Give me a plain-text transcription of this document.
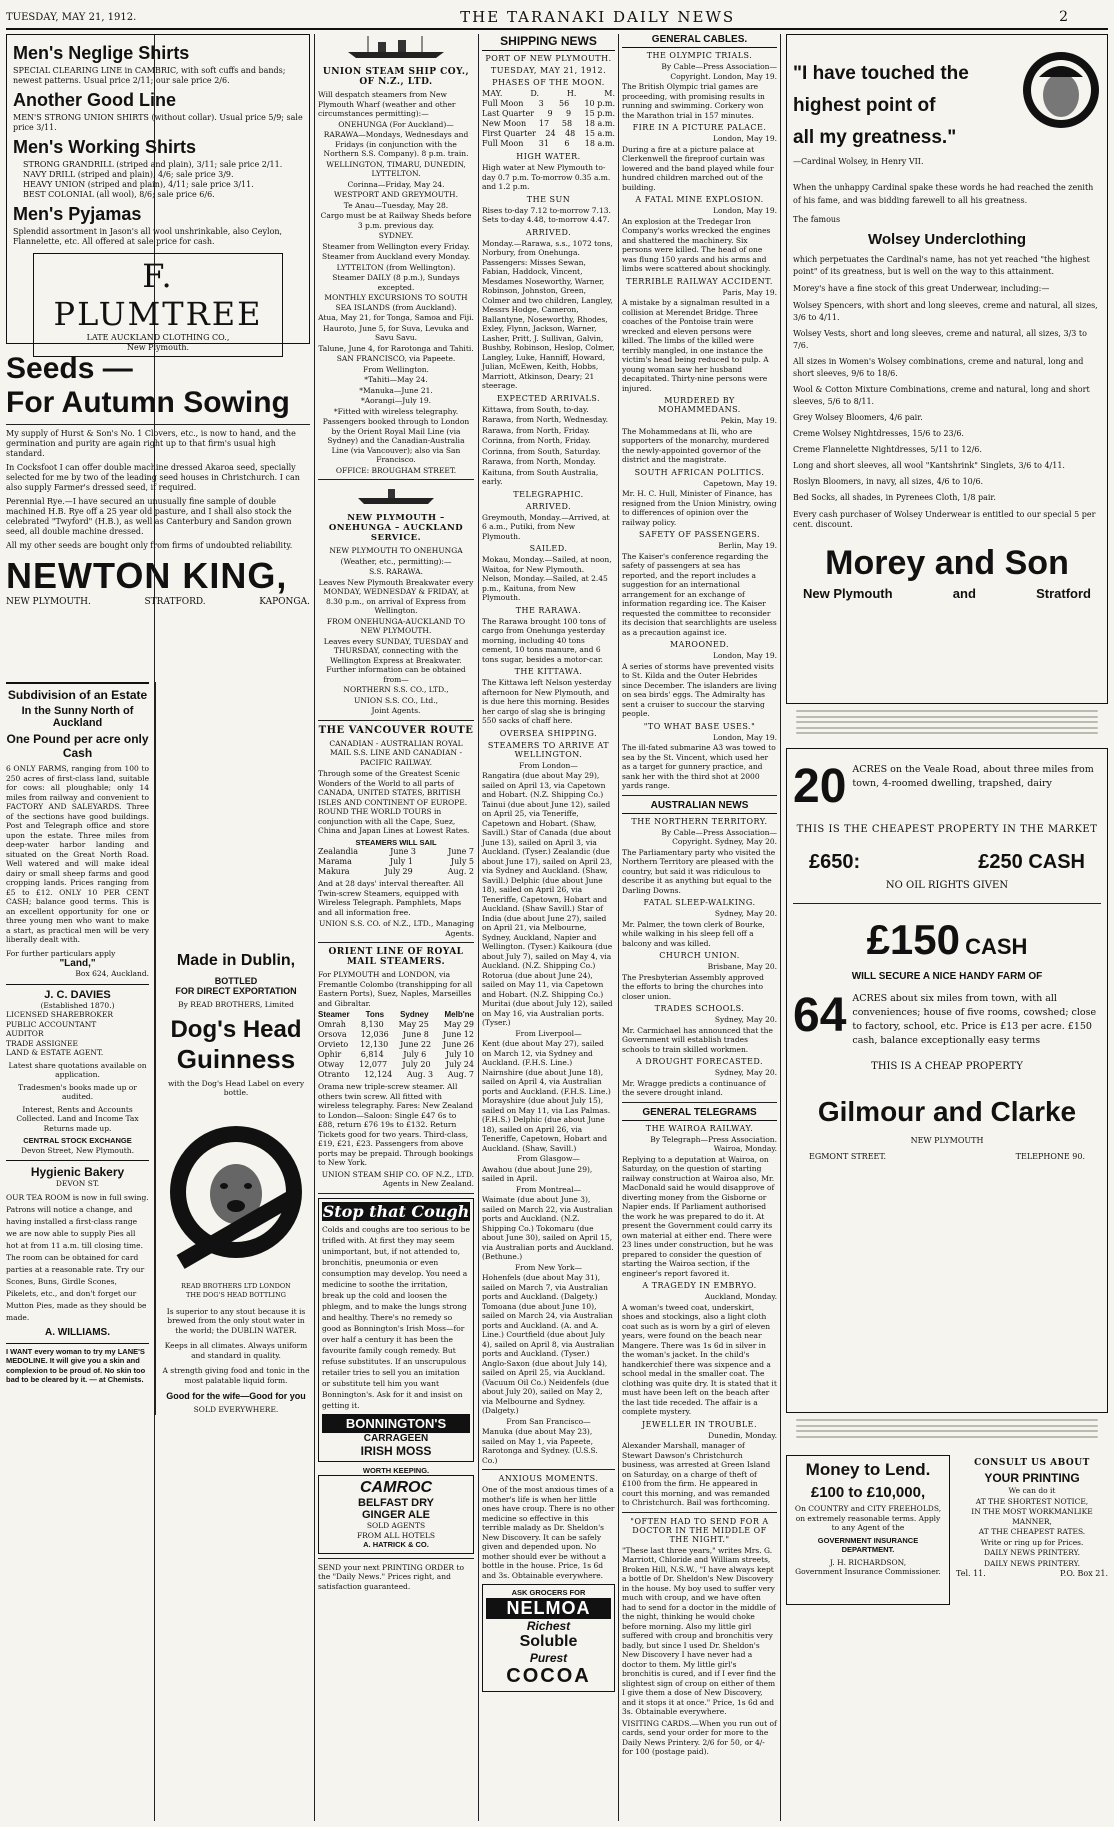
TUESDAY, MAY 21, 1912.	THE TARANAKI DAILY NEWS	2
Men's Neglige Shirts
SPECIAL CLEARING LINE in CAMBRIC, with soft cuffs and bands; newest patterns. Usual price 2/11; our sale price 2/6.
Another Good Line
MEN'S STRONG UNION SHIRTS (without collar). Usual price 5/9; sale price 3/11.
Men's Working Shirts
STRONG GRANDRILL (striped and plain), 3/11; sale price 2/11.
NAVY DRILL (striped and plain), 4/6; sale price 3/9.
HEAVY UNION (striped and plain), 4/11; sale price 3/11.
BEST COLONIAL (all wool), 8/6; sale price 6/6.
Men's Pyjamas
Splendid assortment in Jason's all wool unshrinkable, also Ceylon, Flannelette, etc. All offered at sale price for cash.
F. PLUMTREE
LATE AUCKLAND CLOTHING CO.,
New Plymouth.
Seeds —
For Autumn Sowing

My supply of Hurst & Son's No. 1 Clovers, etc., is now to hand, and the germination and purity are again right up to that firm's usual high standard.

In Cocksfoot I can offer double machine dressed Akaroa seed, specially selected for me by two of the leading seed houses in Christchurch. I can also supply Farmer's dressed seed, if required.

Perennial Rye.—I have secured an unusually fine sample of double machined H.B. Rye off a 25 year old pasture, and I shall also stock the celebrated "Twyford" (H.B.), as well as Canterbury and Sandon grown seed, all double machine dressed.

All my other seeds are bought only from firms of undoubted reliability.

NEWTON KING,
NEW PLYMOUTH.	STRATFORD.	KAPONGA.
Subdivision of an Estate
In the Sunny North of Auckland
One Pound per acre only Cash

6 ONLY FARMS, ranging from 100 to 250 acres of first-class land, suitable for cows: all ploughable; only 14 miles from railway and convenient to FACTORY AND SALEYARDS. Three of the sections have good buildings. Post and Telegraph office and store upon the estate. Three miles from deep-water harbor landing and situated on the Great North Road. Well watered and will make ideal dairy or small sheep farms and good cropping lands. Prices ranging from £5 to £12. ONLY 10 PER CENT CASH; balance good terms. This is an excellent opportunity for one or three young men who want to make a start, as practical men will be very liberally dealt with.

For further particulars apply
"Land,"
Box 624, Auckland.
J. C. DAVIES
(Established 1870.)
LICENSED SHAREBROKER
PUBLIC ACCOUNTANT
AUDITOR
TRADE ASSIGNEE
LAND & ESTATE AGENT.
Latest share quotations available on application.
Tradesmen's books made up or audited.
Interest, Rents and Accounts Collected. Land and Income Tax Returns made up.
CENTRAL STOCK EXCHANGE
Devon Street, New Plymouth.
Hygienic Bakery
DEVON ST.

OUR TEA ROOM is now in full swing. Patrons will notice a change, and having installed a first-class range we are now able to supply Pies all hot at from 11 a.m. till closing time. The room can be obtained for card parties at a reasonable rate. Try our Scones, Buns, Girdle Scones, Pikelets, etc., and don't forget our Mutton Pies, made as they should be made.

A. WILLIAMS.

I WANT every woman to try my LANE'S MEDOLINE. It will give you a skin and complexion to be proud of. No skin too bad to be cleared by it. — at Chemists.

Made in Dublin,
BOTTLED
FOR DIRECT EXPORTATION
By READ BROTHERS, Limited
Dog's Head
Guinness
with the Dog's Head Label on every bottle.
READ BROTHERS LTD LONDON
THE DOG'S HEAD BOTTLING

Is superior to any stout because it is brewed from the only stout water in the world; the DUBLIN WATER.

Keeps in all climates. Always uniform and standard in quality.

A strength giving food and tonic in the most palatable liquid form.

Good for the wife—Good for you
SOLD EVERYWHERE.
UNION STEAM SHIP COY., OF N.Z., LTD.
Will despatch steamers from New Plymouth Wharf (weather and other circumstances permitting):—
ONEHUNGA (For Auckland)—
RARAWA—Mondays, Wednesdays and Fridays (in conjunction with the Northern S.S. Company). 8 p.m. train.
WELLINGTON, TIMARU, DUNEDIN, LYTTELTON.
Corinna—Friday, May 24.
WESTPORT AND GREYMOUTH.
Te Anau—Tuesday, May 28.
Cargo must be at Railway Sheds before 3 p.m. previous day.
SYDNEY.
Steamer from Wellington every Friday.
Steamer from Auckland every Monday.
LYTTELTON (from Wellington).
Steamer DAILY (8 p.m.), Sundays excepted.
MONTHLY EXCURSIONS TO SOUTH SEA ISLANDS (from Auckland).
Atua, May 21, for Tonga, Samoa and Fiji.
Hauroto, June 5, for Suva, Levuka and Savu Savu.
Talune, June 4, for Rarotonga and Tahiti.
SAN FRANCISCO, via Papeete.
From Wellington.
*Tahiti—May 24.
*Manuka—June 21.
*Aorangi—July 19.
*Fitted with wireless telegraphy.
Passengers booked through to London by the Orient Royal Mail Line (via Sydney) and the Canadian-Australia Line (via Vancouver); also via San Francisco.
OFFICE: BROUGHAM STREET.
NEW PLYMOUTH – ONEHUNGA – AUCKLAND SERVICE.
NEW PLYMOUTH TO ONEHUNGA
(Weather, etc., permitting):—
S.S. RARAWA.
Leaves New Plymouth Breakwater every MONDAY, WEDNESDAY & FRIDAY, at 8.30 p.m., on arrival of Express from Wellington.
FROM ONEHUNGA-AUCKLAND TO NEW PLYMOUTH.
Leaves every SUNDAY, TUESDAY and THURSDAY, connecting with the Wellington Express at Breakwater. Further information can be obtained from—
NORTHERN S.S. CO., LTD.,
UNION S.S. CO., Ltd.,
Joint Agents.
THE VANCOUVER ROUTE
CANADIAN - AUSTRALIAN ROYAL MAIL S.S. LINE AND CANADIAN - PACIFIC RAILWAY.

Through some of the Greatest Scenic Wonders of the World to all parts of CANADA, UNITED STATES, BRITISH ISLES AND CONTINENT OF EUROPE. ROUND THE WORLD TOURS in conjunction with all the Cape, Suez, China and Japan Lines at Lowest Rates.

STEAMERS WILL SAIL
Zealandia	June 3	June 7
Marama	July 1	July 5
Makura	July 29	Aug. 2

And at 28 days' interval thereafter. All Twin-screw Steamers, equipped with Wireless Telegraph. Pamphlets, Maps and all information free.

UNION S.S. CO. of N.Z., LTD., Managing Agents.
ORIENT LINE OF ROYAL MAIL STEAMERS.

For PLYMOUTH and LONDON, via Fremantle Colombo (transhipping for all Eastern Ports), Suez, Naples, Marseilles and Gibraltar.

Steamer Tons Sydney Melb'ne
Omrah 8,130 May 25 May 29
Orsova 12,036 June 8 June 12
Orvieto 12,130 June 22 June 26
Ophir 6,814 July 6 July 10
Otway 12,077 July 20 July 24
Otranto 12,124 Aug. 3 Aug. 7

Orama new triple-screw steamer. All others twin screw. All fitted with wireless telegraphy. Fares: New Zealand to London—Saloon: Single £47 6s to £88, return £76 19s to £132. Return Tickets good for two years. Third-class, £19, £21, £23. Passengers from above ports may be prepaid. Through bookings to New York.

UNION STEAM SHIP CO. OF N.Z., LTD. Agents in New Zealand.
Stop that Cough

Colds and coughs are too serious to be trifled with. At first they may seem unimportant, but, if not attended to, bronchitis, pneumonia or even consumption may develop. You need a medicine to soothe the irritation, break up the cold and loosen the phlegm, and to make the lungs strong and healthy. There's no remedy so good as Bonnington's Irish Moss—for over half a century it has been the favourite family cough remedy. But refuse substitutes. If an unscrupulous retailer tries to sell you an imitation or substitute tell him you want Bonnington's. Ask for it and insist on getting it.

BONNINGTON'S
CARRAGEEN
IRISH MOSS
WORTH KEEPING.
CAMROC
BELFAST DRY
GINGER ALE
SOLD AGENTS
FROM ALL HOTELS
A. HATRICK & CO.

SEND your next PRINTING ORDER to the "Daily News." Prices right, and satisfaction guaranteed.

SHIPPING NEWS
PORT OF NEW PLYMOUTH.
TUESDAY, MAY 21, 1912.
PHASES OF THE MOON.
MAY.	D.	H.	M.
Full Moon 3 56 10 p.m.
Last Quarter 9 9 15 p.m.
New Moon 17 58 18 a.m.
First Quarter 24 48 15 a.m.
Full Moon 31 6 18 a.m.
HIGH WATER.

High water at New Plymouth to-day 0.7 p.m. To-morrow 0.35 a.m. and 1.2 p.m.

THE SUN

Rises to-day 7.12 to-morrow 7.13. Sets to-day 4.48, to-morrow 4.47.

ARRIVED.

Monday.—Rarawa, s.s., 1072 tons, Norbury, from Onehunga. Passengers: Misses Sewan, Fabian, Haddock, Vincent, Mesdames Noseworthy, Warner, Robinson, Johnston, Green, Colmer and two children, Langley, Messrs Hodge, Cameron, Ballantyne, Noseworthy, Rhodes, Exley, Flynn, Jackson, Warner, Lasher, Pritt, J. Sullivan, Galvin, Bushby, Robinson, Heslop, Colmer, Langley, Luke, Hanniff, Howard, Julian, McEwen, Keith, Hobbs, Marriott, Atkinson, Deary; 21 steerage.

EXPECTED ARRIVALS.
Kittawa, from South, to-day.
Rarawa, from North, Wednesday.
Rarawa, from North, Friday.
Corinna, from North, Friday.
Corinna, from South, Saturday.
Rarawa, from North, Monday.
Kaituna, from South Australia, early.
TELEGRAPHIC.
ARRIVED.

Greymouth, Monday.—Arrived, at 6 a.m., Putiki, from New Plymouth.

SAILED.

Mokau, Monday.—Sailed, at noon, Waitoa, for New Plymouth. Nelson, Monday.—Sailed, at 2.45 p.m., Kaituna, from New Plymouth.

THE RARAWA.

The Rarawa brought 100 tons of cargo from Onehunga yesterday morning, including 40 tons cement, 10 tons manure, and 6 tons sugar, besides a motor-car.

THE KITTAWA.

The Kittawa left Nelson yesterday afternoon for New Plymouth, and is due here this morning. Besides her cargo of slag she is bringing 550 sacks of chaff here.

OVERSEA SHIPPING.
STEAMERS TO ARRIVE AT WELLINGTON.
From London—

Rangatira (due about May 29), sailed on April 13, via Capetown and Hobart. (N.Z. Shipping Co.) Tainui (due about June 12), sailed on April 25, via Teneriffe, Capetown and Hobart. (Shaw, Savill.) Star of Canada (due about June 13), sailed on April 3, via Auckland. (Tyser.) Zealandic (due about June 17), sailed on April 23, via Sydney and Auckland. (Shaw, Savill.) Delphic (due about June 18), sailed on April 26, via Teneriffe, Capetown, Hobart and Auckland. (Shaw Savill.) Star of India (due about June 27), sailed on April 21, via Melbourne, Sydney, Auckland, Napier and Wellington. (Tyser.) Kaikoura (due about July 7), sailed on May 4, via Auckland. (N.Z. Shipping Co.) Rotorua (due about June 24), sailed on May 11, via Capetown and Hobart. (N.Z. Shipping Co.) Muritai (due about July 12), sailed on May 16, via Australian ports. (Tyser.)

From Liverpool—

Kent (due about May 27), sailed on March 12, via Sydney and Auckland. (F.H.S. Line.) Nairnshire (due about June 18), sailed on April 4, via Australian ports and Auckland. (F.H.S. Line.) Morayshire (due about July 15), sailed on May 11, via Las Palmas. (F.H.S.) Delphic (due about June 18), sailed on April 26, via Teneriffe, Capetown, Hobart and Auckland. (Shaw, Savill.)

From Glasgow—

Awahou (due about June 29), sailed in April.

From Montreal—

Waimate (due about June 3), sailed on March 22, via Australian ports and Auckland. (N.Z. Shipping Co.) Tokomaru (due about June 30), sailed on April 15, via Australian ports and Auckland. (Bethune.)

From New York—

Hohenfels (due about May 31), sailed on March 7, via Australian ports and Auckland. (Dalgety.) Tomoana (due about June 10), sailed on March 24, via Australian ports and Auckland. (A. and A. Line.) Courtfield (due about July 4), sailed on April 8, via Australian ports and Auckland. (Tyser.) Anglo-Saxon (due about July 14), sailed on April 25, via Auckland. (Vacuum Oil Co.) Neidenfels (due about July 20), sailed on May 2, via Melbourne and Sydney. (Dalgety.)

From San Francisco—

Manuka (due about May 23), sailed on May 1, via Papeete, Rarotonga and Sydney. (U.S.S. Co.)

ANXIOUS MOMENTS.

One of the most anxious times of a mother's life is when her little ones have croup. There is no other medicine so effective in this terrible malady as Dr. Sheldon's New Discovery. It can be safely given and depended upon. No mother should ever be without a bottle in the house. Price, 1s 6d and 3s. Obtainable everywhere.

ASK GROCERS FOR
NELMOA
Richest
Soluble
Purest
COCOA
GENERAL CABLES.
THE OLYMPIC TRIALS.
By Cable—Press Association—Copyright. London, May 19.

The British Olympic trial games are proceeding, with promising results in running and swimming. Corkery won the Marathon trial in 157 minutes.

FIRE IN A PICTURE PALACE.
London, May 19.

During a fire at a picture palace at Clerkenwell the fireproof curtain was lowered and the band played while four hundred children marched out of the building.

A FATAL MINE EXPLOSION.
London, May 19.

An explosion at the Tredegar Iron Company's works wrecked the engines and shattered the machinery. Six persons were killed. The head of one was flung 150 yards and his arms and limbs were scattered about shockingly.

TERRIBLE RAILWAY ACCIDENT.
Paris, May 19.

A mistake by a signalman resulted in a collision at Merendet Bridge. Three coaches of the Pontoise train were wrecked and eleven persons were killed. The limbs of the killed were terribly mangled, in one instance the victim's head being reduced to pulp. A young woman saw her husband decapitated. Thirty-nine persons were injured.

MURDERED BY MOHAMMEDANS.
Pekin, May 19.

The Mohammedans at Ili, who are supporters of the monarchy, murdered the newly-appointed governor of the district and the magistrate.

SOUTH AFRICAN POLITICS.
Capetown, May 19.

Mr. H. C. Hull, Minister of Finance, has resigned from the Union Ministry, owing to differences of opinion over the railway policy.

SAFETY OF PASSENGERS.
Berlin, May 19.

The Kaiser's conference regarding the safety of passengers at sea has reported, and the report includes a suggestion for an international arrangement for an exchange of information regarding ice. The Kaiser requested the committee to reconsider its decision that searchlights are useless as a precaution against ice.

MAROONED.
London, May 19.

A series of storms have prevented visits to St. Kilda and the Outer Hebrides since December. The islanders are living on sea birds' eggs. The Admiralty has sent a cruiser to succour the starving people.

"TO WHAT BASE USES."
London, May 19.

The ill-fated submarine A3 was towed to sea by the St. Vincent, which used her as a target for gunnery practice, and sank her with the third shot at 2000 yards range.

AUSTRALIAN NEWS
THE NORTHERN TERRITORY.
By Cable—Press Association—Copyright. Sydney, May 20.

The Parliamentary party who visited the Northern Territory are pleased with the country, but said it was ridiculous to describe it as anything but equal to the Darling Downs.

FATAL SLEEP-WALKING.
Sydney, May 20.

Mr. Palmer, the town clerk of Bourke, while walking in his sleep fell off a balcony and was killed.

CHURCH UNION.
Brisbane, May 20.

The Presbyterian Assembly approved the efforts to bring the churches into closer union.

TRADES SCHOOLS.
Sydney, May 20.

Mr. Carmichael has announced that the Government will establish trades schools to train skilled workmen.

A DROUGHT FORECASTED.
Sydney, May 20.

Mr. Wragge predicts a continuance of the severe drought inland.

GENERAL TELEGRAMS
THE WAIROA RAILWAY.
By Telegraph—Press Association. Wairoa, Monday.

Replying to a deputation at Wairoa, on Saturday, on the question of starting railway construction at Wairoa also, Mr. MacDonald said he would disapprove of diverting money from the Gisborne or Napier ends. If Parliament authorised the work he was prepared to do it. At present the Government could carry its own material at either end. There were 23 lines under construction, but he was prepared to consider the question of starting the Wairoa section, if the engineer's report favored it.

A TRAGEDY IN EMBRYO.
Auckland, Monday.

A woman's tweed coat, underskirt, shoes and stockings, also a light cloth coat such as is worn by a girl of eleven years, were found on the beach near Mangere. There was 1s 6d in silver in the woman's jacket. In the child's handkerchief there was sixpence and a school medal in the smaller coat. The clothing was quite dry. It is stated that it must have been left on the beach after the last tide receded. The affair is a complete mystery.

JEWELLER IN TROUBLE.
Dunedin, Monday.

Alexander Marshall, manager of Stewart Dawson's Christchurch business, was arrested at Green Island on Saturday, on a charge of theft of £100 from the firm. He appeared in court this morning, and was remanded to Christchurch. Bail was forthcoming.

"OFTEN HAD TO SEND FOR A DOCTOR IN THE MIDDLE OF THE NIGHT."

"These last three years," writes Mrs. G. Marriott, Chloride and William streets, Broken Hill, N.S.W., "I have always kept a bottle of Dr. Sheldon's New Discovery in the house. My boy used to suffer very much with croup, and we have often had to send for a doctor in the middle of the night, thinking he would choke before morning. Also my little girl suffered with croup and bronchitis very badly, but since I used Dr. Sheldon's New Discovery I have never had a doctor to them. My little girl's bronchitis is cured, and if I ever find the slightest sign of croup on either of them I give them a dose of New Discovery, and it stops it at once." Price, 1s 6d and 3s. Obtainable everywhere.

VISITING CARDS.—When you run out of cards, send your order for more to the Daily News Printery. 2/6 for 50, or 4/- for 100 (postage paid).

"I have touched the
highest point of
all my greatness."
—Cardinal Wolsey, in Henry VII.

When the unhappy Cardinal spake these words he had reached the zenith of his fame, and was bidding farewell to all his greatness.

The famous
Wolsey Underclothing

which perpetuates the Cardinal's name, has not yet reached "the highest point" of its greatness, but is well on the way to this attainment.

Morey's have a fine stock of this great Underwear, including:—

Wolsey Spencers, with short and long sleeves, creme and natural, all sizes, 3/6 to 4/11.
Wolsey Vests, short and long sleeves, creme and natural, all sizes, 3/3 to 7/6.
All sizes in Women's Wolsey combinations, creme and natural, long and short sleeves, 9/6 to 18/6.
Wool & Cotton Mixture Combinations, creme and natural, long and short sleeves, 5/6 to 8/11.
Grey Wolsey Bloomers, 4/6 pair.
Creme Wolsey Nightdresses, 15/6 to 23/6.
Creme Flannelette Nightdresses, 5/11 to 12/6.
Long and short sleeves, all wool "Kantshrink" Singlets, 3/6 to 4/11.
Roslyn Bloomers, in navy, all sizes, 4/6 to 10/6.
Bed Socks, all shades, in Pyrenees Cloth, 1/8 pair.

Every cash purchaser of Wolsey Underwear is entitled to our special 5 per cent. discount.

Morey and Son
New Plymouth	and	Stratford
20 ACRES on the Veale Road, about three miles from town, 4-roomed dwelling, trapshed, dairy
THIS IS THE CHEAPEST PROPERTY IN THE MARKET
£650:	£250 CASH
NO OIL RIGHTS GIVEN
£150 CASH
WILL SECURE A NICE HANDY FARM OF
64 ACRES about six miles from town, with all conveniences; house of five rooms, cowshed; close to factory, school, etc. Price is £13 per acre. £150 cash, balance exceptionally easy terms
THIS IS A CHEAP PROPERTY
Gilmour and Clarke
NEW PLYMOUTH
EGMONT STREET.	TELEPHONE 90.
Money to Lend.
£100 to £10,000,

On COUNTRY and CITY FREEHOLDS, on extremely reasonable terms. Apply to any Agent of the

GOVERNMENT INSURANCE DEPARTMENT.
J. H. RICHARDSON,
Government Insurance Commissioner.
CONSULT US ABOUT
YOUR PRINTING
We can do it
AT THE SHORTEST NOTICE,
IN THE MOST WORKMANLIKE MANNER,
AT THE CHEAPEST RATES.
Write or ring up for Prices.
DAILY NEWS PRINTERY.
DAILY NEWS PRINTERY.
Tel. 11.	P.O. Box 21.
